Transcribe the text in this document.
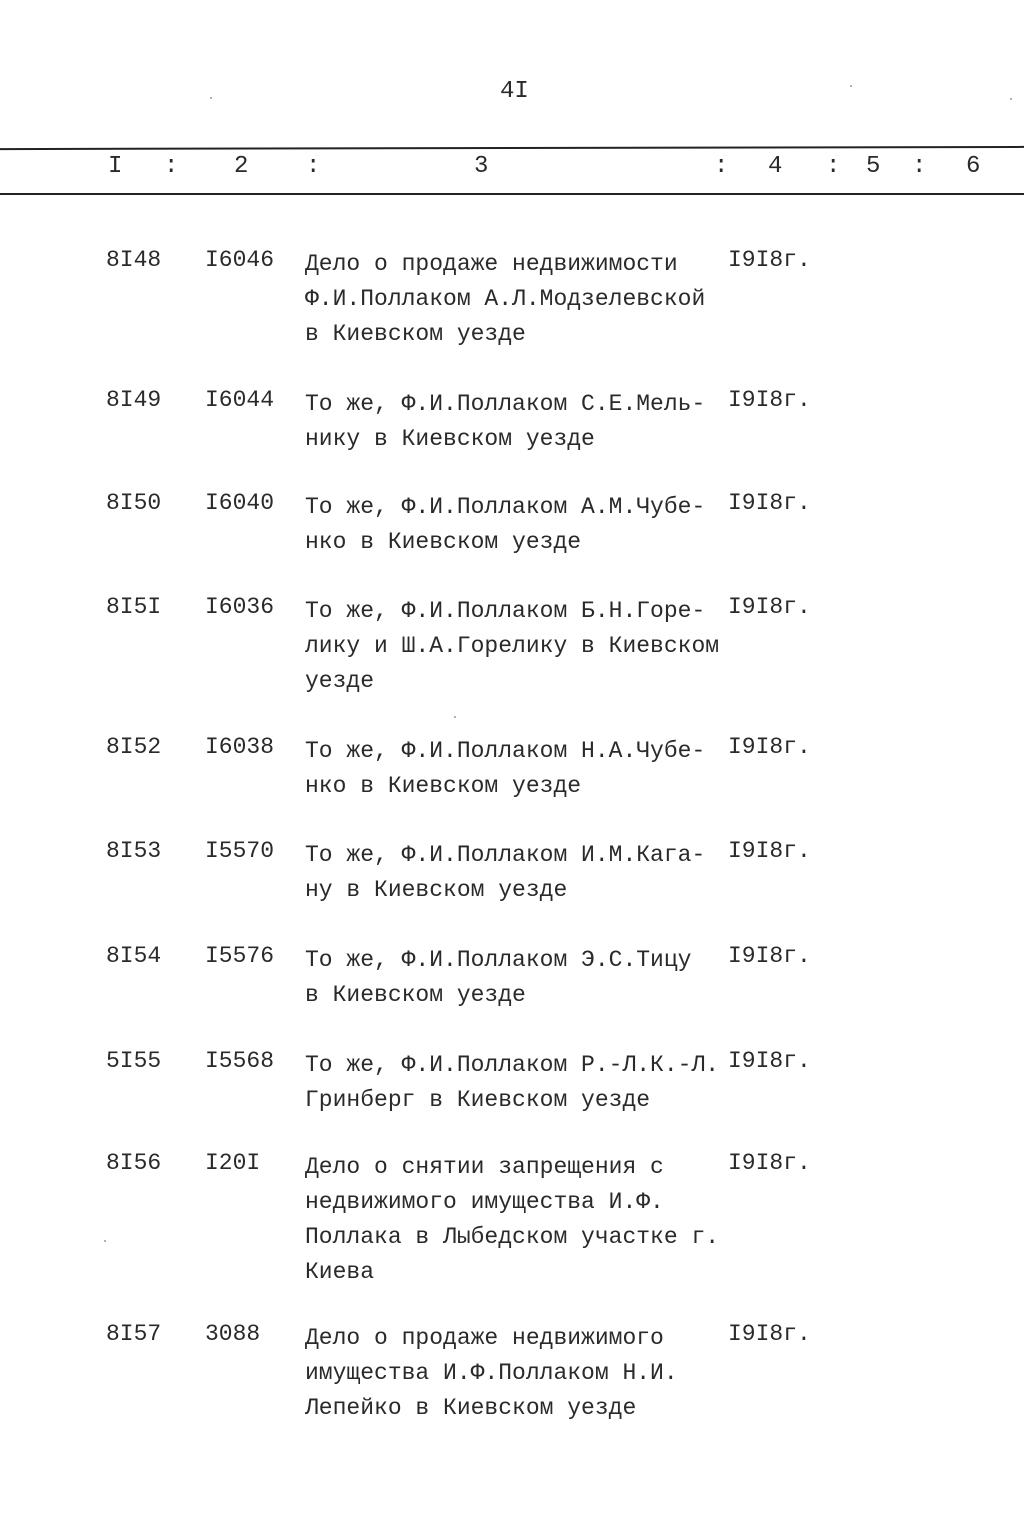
4I
I : 2 :	3	: 4 : 5 : 6
8I48 I6046 Дело о продаже недвижимости
Ф.И.Поллаком А.Л.Модзелевской
в Киевском уезде
I9I8г.
8I49 I6044 То же, Ф.И.Поллаком С.Е.Мель-
нику в Киевском уезде
I9I8г.
8I50 I6040 То же, Ф.И.Поллаком А.М.Чубе-
нко в Киевском уезде
I9I8г.
8I5I I6036 То же, Ф.И.Поллаком Б.Н.Горе-
лику и Ш.А.Горелику в Киевском
уезде
I9I8г.
8I52 I6038 То же, Ф.И.Поллаком Н.А.Чубе-
нко в Киевском уезде
I9I8г.
8I53 I5570 То же, Ф.И.Поллаком И.М.Кага-
ну в Киевском уезде
I9I8г.
8I54 I5576 То же, Ф.И.Поллаком Э.С.Тицу
в Киевском уезде
I9I8г.
5I55 I5568 То же, Ф.И.Поллаком Р.-Л.К.-Л.
Гринберг в Киевском уезде
I9I8г.
8I56 I20I Дело о снятии запрещения с
недвижимого имущества И.Ф.
Поллака в Лыбедском участке г.
Киева
I9I8г.
8I57 3088 Дело о продаже недвижимого
имущества И.Ф.Поллаком Н.И.
Лепейко в Киевском уезде
I9I8г.
